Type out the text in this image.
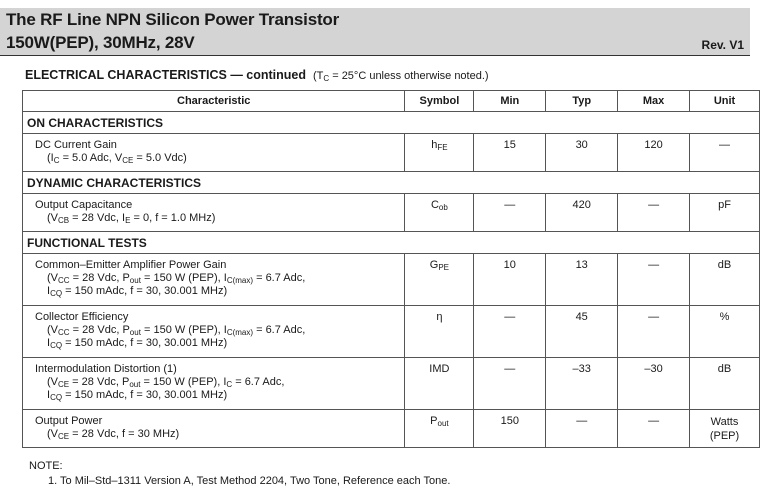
The RF Line NPN Silicon Power Transistor
150W(PEP), 30MHz, 28V	Rev. V1
ELECTRICAL CHARACTERISTICS — continued ($T_C = 25^\circ C$ unless otherwise noted.)
Characteristic	Symbol	Min	Typ	Max	Unit
ON CHARACTERISTICS					
DC Current Gain
($I_C = 5.0$ Adc, $V_{CE} = 5.0$ Vdc)	$h_{FE}$	15	30	120	—
DYNAMIC CHARACTERISTICS					
Output Capacitance
($V_{CB} = 28$ Vdc, $I_E = 0$, f = 1.0 MHz)	$C_{ob}$	—	420	—	pF
FUNCTIONAL TESTS					
Common–Emitter Amplifier Power Gain
($V_{CC} = 28$ Vdc, $P_{out} = 150$ W (PEP), $I_{C(max)} = 6.7$ Adc,
$I_{CQ} = 150$ mAdc, f = 30, 30.001 MHz)	$G_{PE}$	10	13	—	dB
Collector Efficiency
($V_{CC} = 28$ Vdc, $P_{out} = 150$ W (PEP), $I_{C(max)} = 6.7$ Adc,
$I_{CQ} = 150$ mAdc, f = 30, 30.001 MHz)	η	—	45	—	%
Intermodulation Distortion (1)
($V_{CE} = 28$ Vdc, $P_{out} = 150$ W (PEP), $I_C = 6.7$ Adc,
$I_{CQ} = 150$ mAdc, f = 30, 30.001 MHz)	IMD	—	–33	–30	dB
Output Power
($V_{CE} = 28$ Vdc, f = 30 MHz)	$P_{out}$	150	—	—	Watts
(PEP)
NOTE:
1. To Mil–Std–1311 Version A, Test Method 2204, Two Tone, Reference each Tone.
